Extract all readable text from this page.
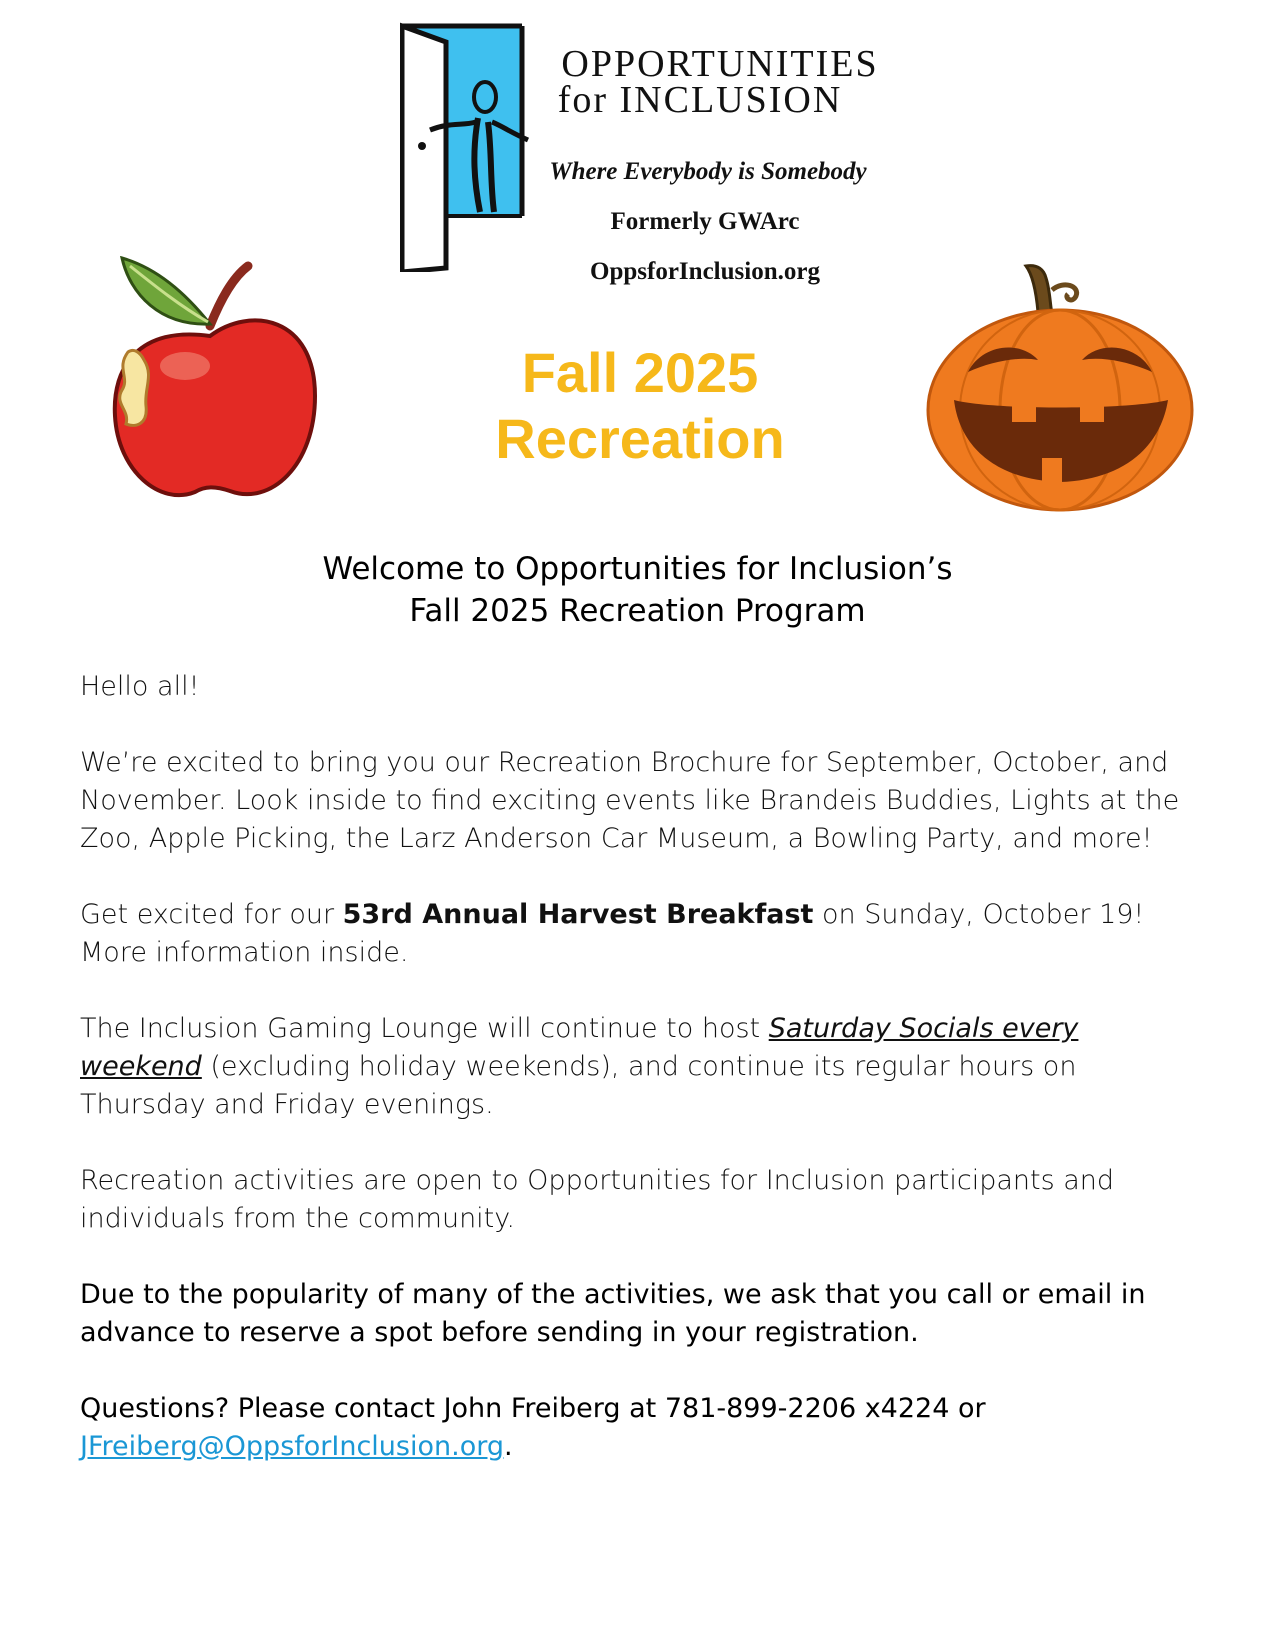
OPPORTUNITIES
for INCLUSION
Where Everybody is Somebody
Formerly GWArc
OppsforInclusion.org
Fall 2025
Recreation
Welcome to Opportunities for Inclusion’s
Fall 2025 Recreation Program

Hello all!

We’re excited to bring you our Recreation Brochure for September, October, and November. Look inside to find exciting events like Brandeis Buddies, Lights at the Zoo, Apple Picking, the Larz Anderson Car Museum, a Bowling Party, and more!

Get excited for our 53rd Annual Harvest Breakfast on Sunday, October 19! More information inside.

The Inclusion Gaming Lounge will continue to host Saturday Socials every weekend (excluding holiday weekends), and continue its regular hours on Thursday and Friday evenings.

Recreation activities are open to Opportunities for Inclusion participants and individuals from the community.

Due to the popularity of many of the activities, we ask that you call or email in advance to reserve a spot before sending in your registration.

Questions? Please contact John Freiberg at 781-899-2206 x4224 or JFreiberg@OppsforInclusion.org.
